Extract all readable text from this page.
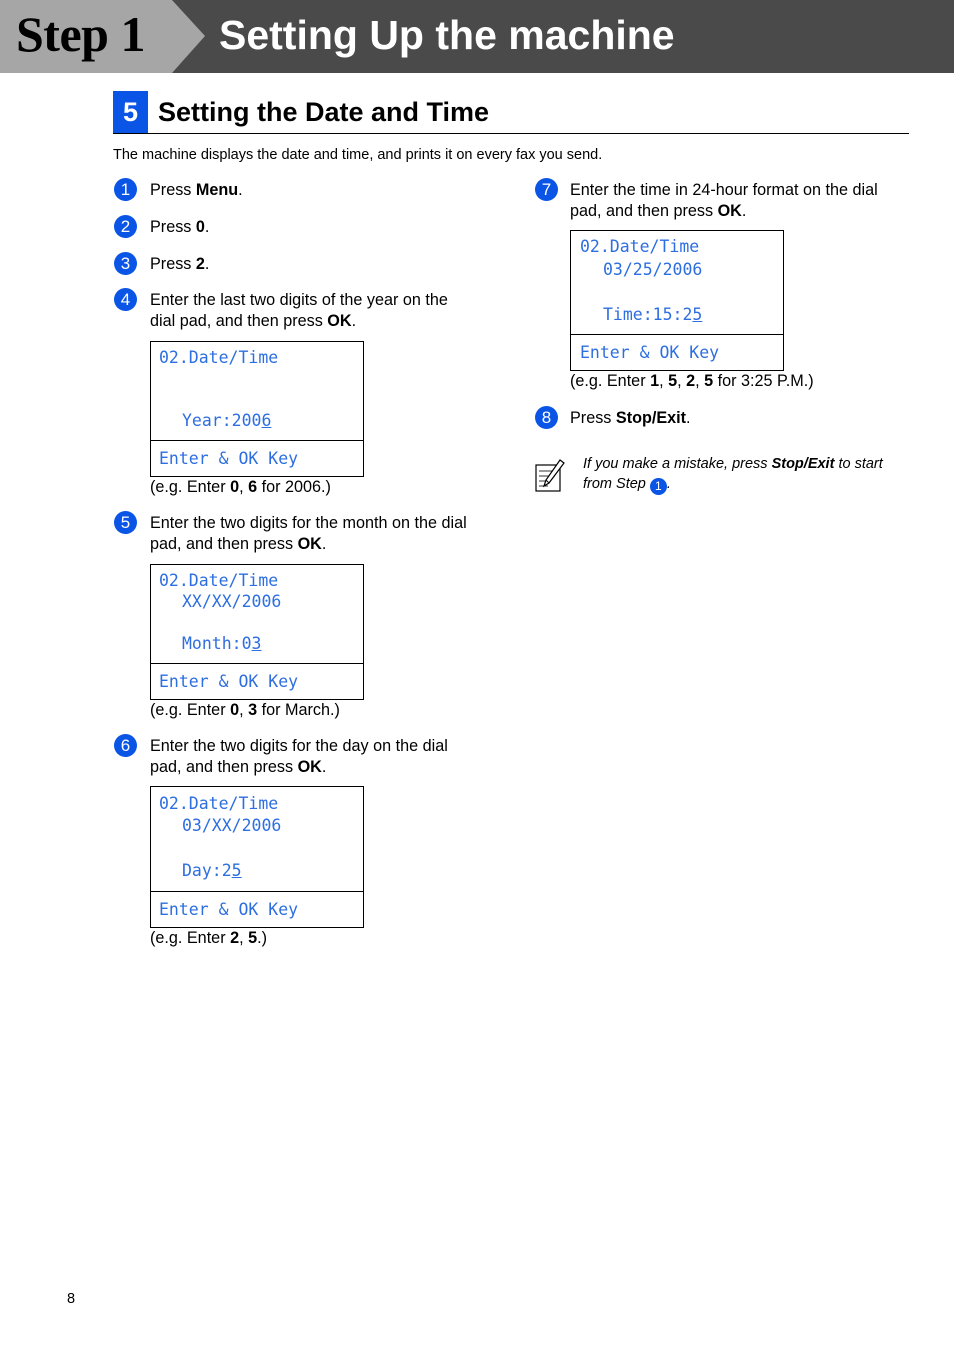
Step 1 Setting Up the machine
5 Setting the Date and Time
The machine displays the date and time, and prints it on every fax you send.
1	Press Menu.
2	Press 0.
3	Press 2.
4	Enter the last two digits of the year on the
dial pad, and then press OK.
02.Date/Time
Year:2006
Enter & OK Key
(e.g. Enter 0, 6 for 2006.)
5	Enter the two digits for the month on the dial
pad, and then press OK.
02.Date/Time
XX/XX/2006
Month:03
Enter & OK Key
(e.g. Enter 0, 3 for March.)
6	Enter the two digits for the day on the dial
pad, and then press OK.
02.Date/Time
03/XX/2006
Day:25
Enter & OK Key
(e.g. Enter 2, 5.)
7	Enter the time in 24-hour format on the dial
pad, and then press OK.
02.Date/Time
03/25/2006
Time:15:25
Enter & OK Key
(e.g. Enter 1, 5, 2, 5 for 3:25 P.M.)
8	Press Stop/Exit.
If you make a mistake, press Stop/Exit to start from Step 1 .
8
